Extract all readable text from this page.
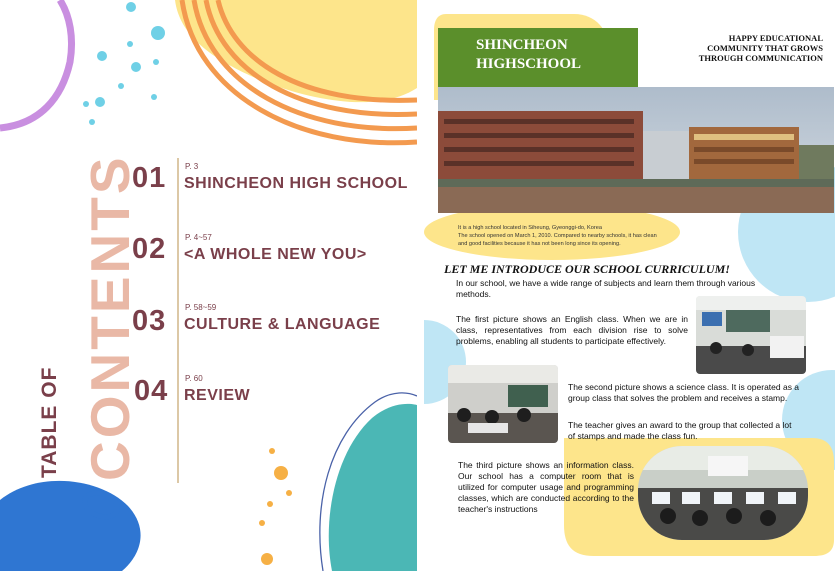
TABLE OF CONTENTS
01 P. 3
SHINCHEON HIGH SCHOOL
02 P. 4~57
<A WHOLE NEW YOU>
03 P. 58~59
CULTURE & LANGUAGE
04 P. 60
REVIEW
SHINCHEON
HIGHSCHOOL
HAPPY EDUCATIONAL
COMMUNITY THAT GROWS
THROUGH COMMUNICATION
It is a high school located in Siheung, Gyeonggi-do, Korea
The school opened on March 1, 2010. Compared to nearby schools, it has clean
and good facilities because it has not been long since its opening.
LET ME INTRODUCE OUR SCHOOL CURRICULUM!
In our school, we have a wide range of subjects and learn them through various methods.
The first picture shows an English class. When we are in class, representatives from each division rise to solve problems, enabling all students to participate effectively.
The second picture shows a science class. It is operated as a group class that solves the problem and receives a stamp.
The teacher gives an award to the group that collected a lot of stamps and made the class fun.
The third picture shows an information class. Our school has a computer room that is utilized for computer usage and programming classes, which are conducted according to the teacher's instructions
